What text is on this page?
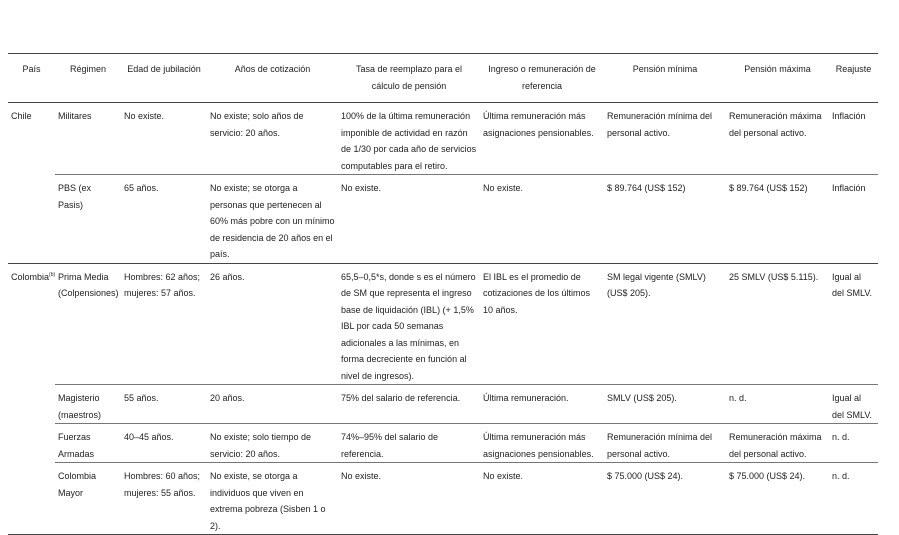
País	Régimen	Edad de jubilación	Años de cotización	Tasa de reemplazo para el cálculo de pensión	Ingreso o remuneración de referencia	Pensión mínima	Pensión máxima	Reajuste
Chile	Militares	No existe.	No existe; solo años de servicio: 20 años.	100% de la última remuneración imponible de actividad en razón de 1/30 por cada año de servicios computables para el retiro.	Última remuneración más asignaciones pensionables.	Remuneración mínima del personal activo.	Remuneración máxima del personal activo.	Inflación
	PBS (ex Pasis)	65 años.	No existe; se otorga a personas que pertenecen al 60% más pobre con un mínimo de residencia de 20 años en el país.	No existe.	No existe.	$ 89.764 (US$ 152)	$ 89.764 (US$ 152)	Inflación
Colombia$^{(b)}$	Prima Media (Colpensiones)	Hombres: 62 años; mujeres: 57 años.	26 años.	65,5–0,5*s, donde s es el número de SM que representa el ingreso base de liquidación (IBL) (+ 1,5% IBL por cada 50 semanas adicionales a las mínimas, en forma decreciente en función al nivel de ingresos).	El IBL es el promedio de cotizaciones de los últimos 10 años.	SM legal vigente (SMLV) (US$ 205).	25 SMLV (US$ 5.115).	Igual al del SMLV.
	Magisterio (maestros)	55 años.	20 años.	75% del salario de referencia.	Última remuneración.	SMLV (US$ 205).	n. d.	Igual al del SMLV.
	Fuerzas Armadas	40–45 años.	No existe; solo tiempo de servicio: 20 años.	74%–95% del salario de referencia.	Última remuneración más asignaciones pensionables.	Remuneración mínima del personal activo.	Remuneración máxima del personal activo.	n. d.
	Colombia Mayor	Hombres: 60 años; mujeres: 55 años.	No existe, se otorga a individuos que viven en extrema pobreza (Sisben 1 o 2).	No existe.	No existe.	$ 75.000 (US$ 24).	$ 75.000 (US$ 24).	n. d.
